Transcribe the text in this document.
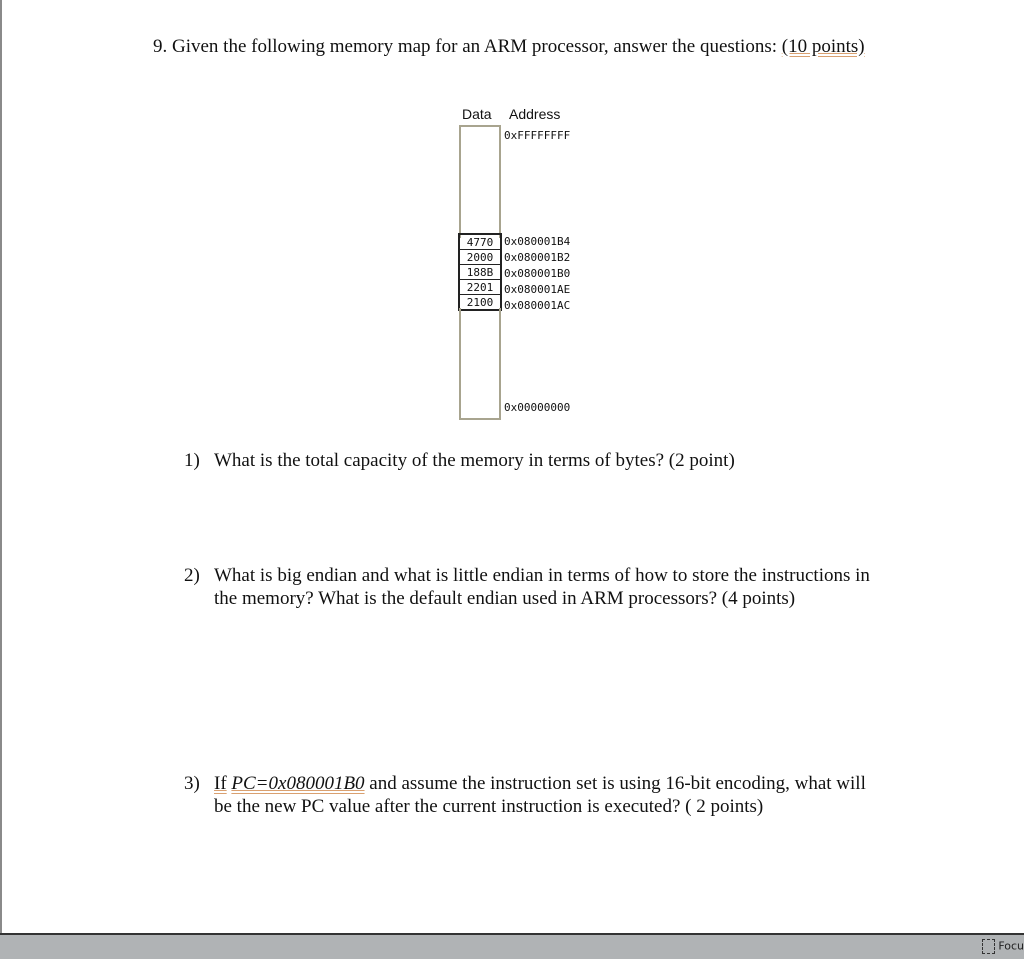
9. Given the following memory map for an ARM processor, answer the questions: (10 points)
Data Address
0xFFFFFFFF
4770
2000
188B
2201
2100
0x080001B4
0x080001B2
0x080001B0
0x080001AE
0x080001AC
0x00000000
1) What is the total capacity of the memory in terms of bytes? (2 point)
2) What is big endian and what is little endian in terms of how to store the instructions in the memory? What is the default endian used in ARM processors? (4 points)
3) If PC=0x080001B0 and assume the instruction set is using 16-bit encoding, what will be the new PC value after the current instruction is executed? ( 2 points)
Focu
